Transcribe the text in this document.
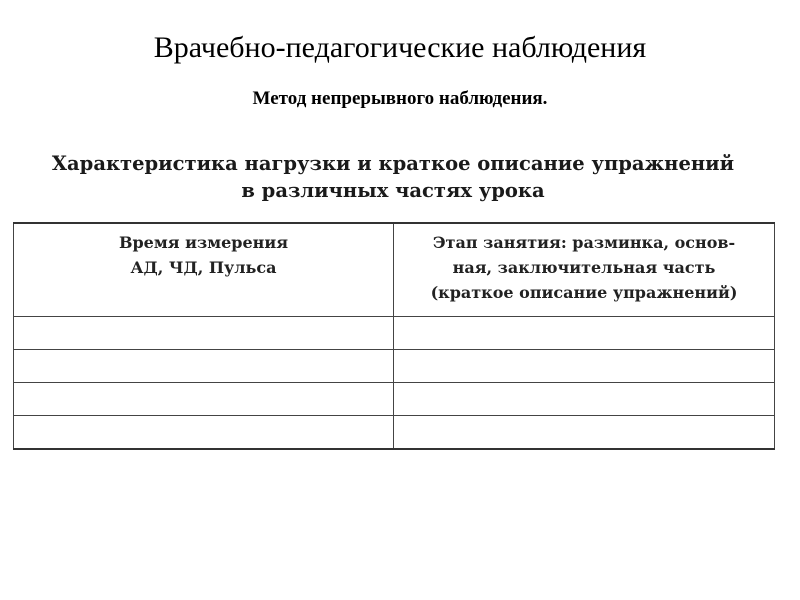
Врачебно-педагогические наблюдения

Метод непрерывного наблюдения.

Характеристика нагрузки и краткое описание упражнений
в различных частях урока
Время измерения
АД, ЧД, Пульса	Этап занятия: разминка, основ-
ная, заключительная часть
(краткое описание упражнений)
